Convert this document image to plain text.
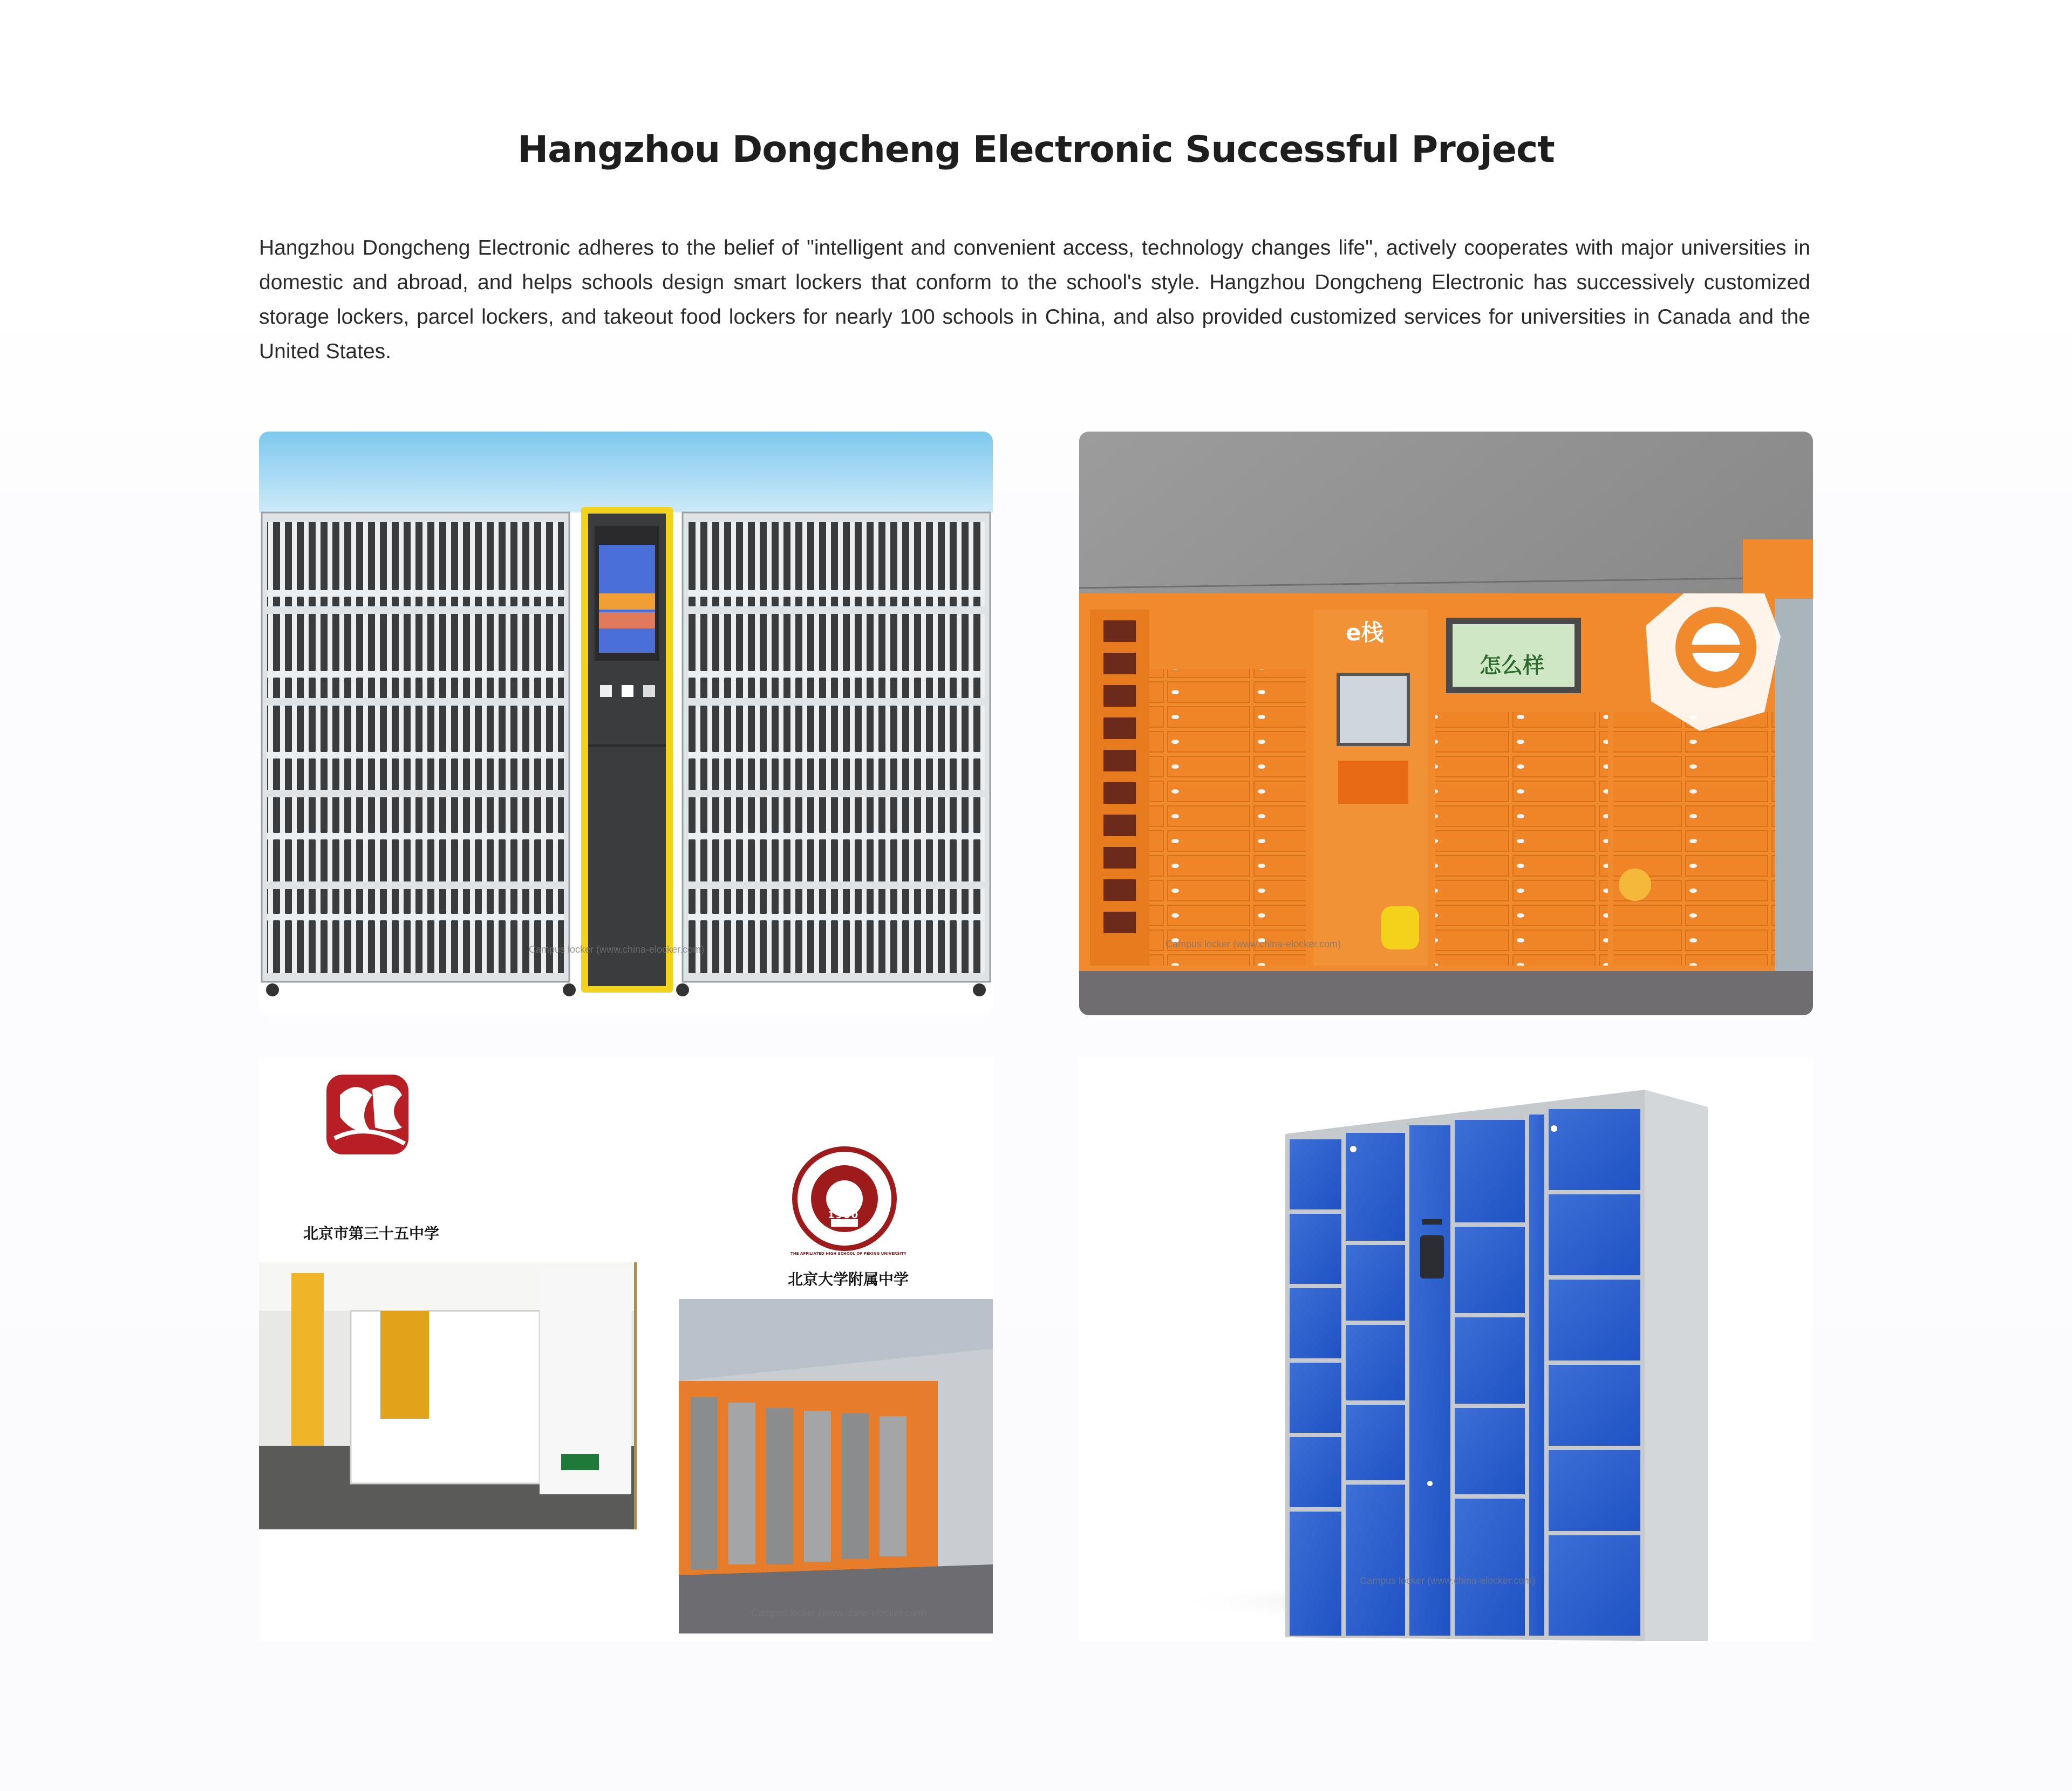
Hangzhou Dongcheng Electronic Successful Project
Hangzhou Dongcheng Electronic adheres to the belief of "intelligent and convenient access, technology changes life", actively cooperates with major universities in domestic and abroad, and helps schools design smart lockers that conform to the school's style. Hangzhou Dongcheng Electronic has successively customized storage lockers, parcel lockers, and takeout food lockers for nearly 100 schools in China, and also provided customized services for universities in Canada and the United States.
Campus locker (www.china-elocker.com)
e栈
怎么样
Campus locker (www.china-elocker.com)
北京市第三十五中学
北京大学附属中学
1960
THE AFFILIATED HIGH SCHOOL OF PEKING UNIVERSITY
Campus locker (www.china-elocker.com)
Campus locker (www.china-elocker.com)
